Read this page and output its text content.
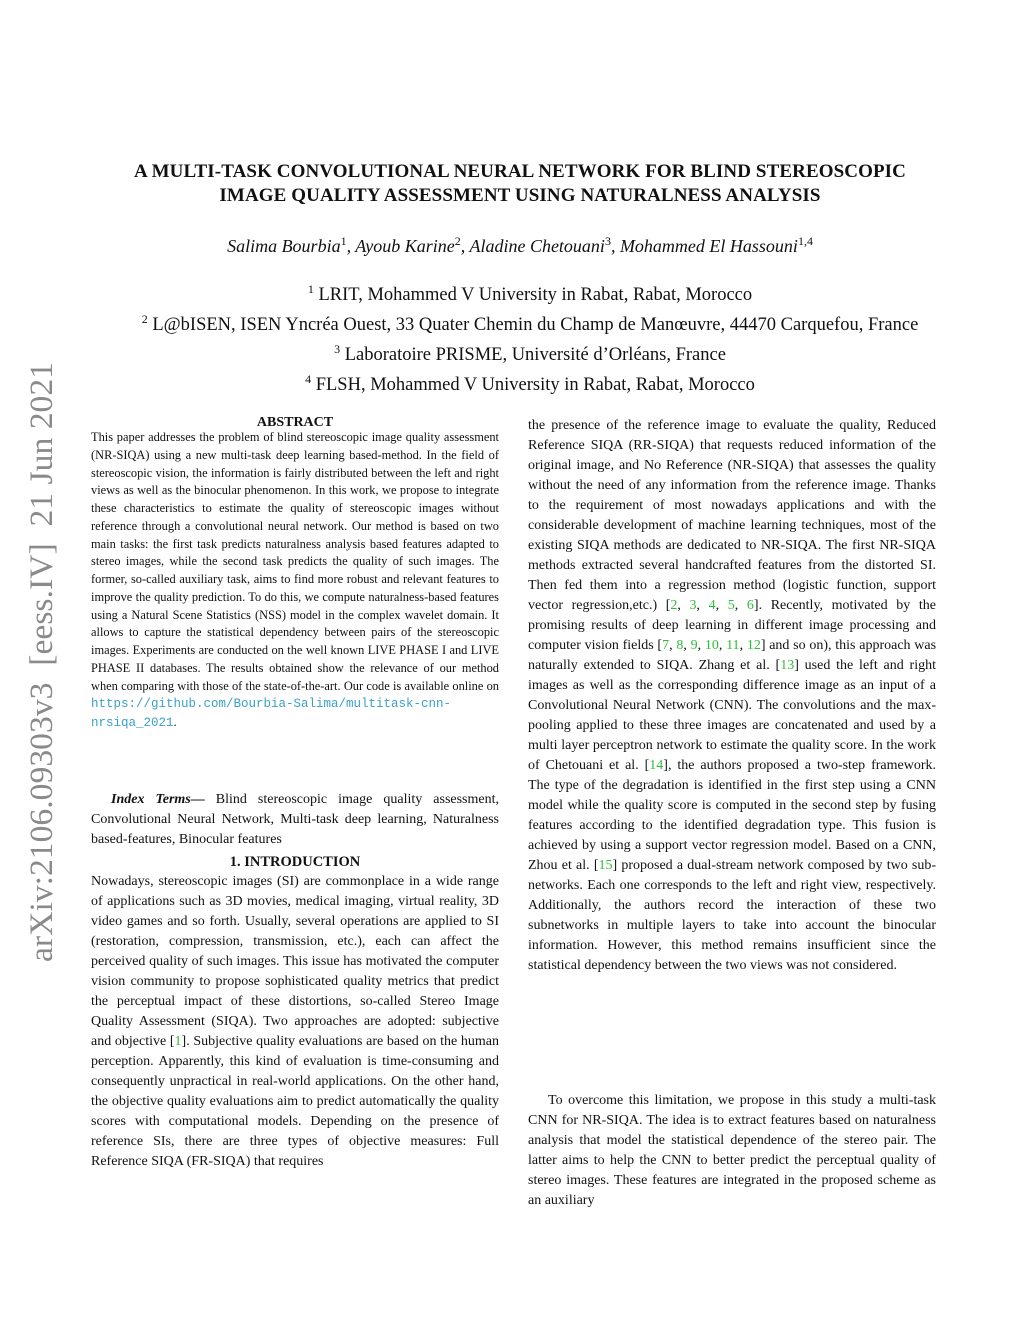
arXiv:2106.09303v3  [eess.IV]  21 Jun 2021
A MULTI-TASK CONVOLUTIONAL NEURAL NETWORK FOR BLIND STEREOSCOPIC
IMAGE QUALITY ASSESSMENT USING NATURALNESS ANALYSIS
Salima Bourbia$^1$, Ayoub Karine$^2$, Aladine Chetouani$^3$, Mohammed El Hassouni$^{1,4}$
$^1$ LRIT, Mohammed V University in Rabat, Rabat, Morocco
$^2$ L@bISEN, ISEN Yncréa Ouest, 33 Quater Chemin du Champ de Manœuvre, 44470 Carquefou, France
$^3$ Laboratoire PRISME, Université d’Orléans, France
$^4$ FLSH, Mohammed V University in Rabat, Rabat, Morocco
ABSTRACT
This paper addresses the problem of blind stereoscopic image quality assessment (NR-SIQA) using a new multi-task deep learning based-method. In the field of stereoscopic vision, the information is fairly distributed between the left and right views as well as the binocular phenomenon. In this work, we propose to integrate these characteristics to estimate the quality of stereoscopic images without reference through a convolutional neural network. Our method is based on two main tasks: the first task predicts naturalness analysis based features adapted to stereo images, while the second task predicts the quality of such images. The former, so-called auxiliary task, aims to find more robust and relevant features to improve the quality prediction. To do this, we compute naturalness-based features using a Natural Scene Statistics (NSS) model in the complex wavelet domain. It allows to capture the statistical dependency between pairs of the stereoscopic images. Experiments are conducted on the well known LIVE PHASE I and LIVE PHASE II databases. The results obtained show the relevance of our method when comparing with those of the state-of-the-art. Our code is available online on https://github.com/Bourbia-Salima/multitask-cnn-nrsiqa_2021.
Index Terms— Blind stereoscopic image quality assessment, Convolutional Neural Network, Multi-task deep learning, Naturalness based-features, Binocular features
1. INTRODUCTION
Nowadays, stereoscopic images (SI) are commonplace in a wide range of applications such as 3D movies, medical imaging, virtual reality, 3D video games and so forth. Usually, several operations are applied to SI (restoration, compression, transmission, etc.), each can affect the perceived quality of such images. This issue has motivated the computer vision community to propose sophisticated quality metrics that predict the perceptual impact of these distortions, so-called Stereo Image Quality Assessment (SIQA). Two approaches are adopted: subjective and objective [1]. Subjective quality evaluations are based on the human perception. Apparently, this kind of evaluation is time-consuming and consequently unpractical in real-world applications. On the other hand, the objective quality evaluations aim to predict automatically the quality scores with computational models. Depending on the presence of reference SIs, there are three types of objective measures: Full Reference SIQA (FR-SIQA) that requires
the presence of the reference image to evaluate the quality, Reduced Reference SIQA (RR-SIQA) that requests reduced information of the original image, and No Reference (NR-SIQA) that assesses the quality without the need of any information from the reference image. Thanks to the requirement of most nowadays applications and with the considerable development of machine learning techniques, most of the existing SIQA methods are dedicated to NR-SIQA. The first NR-SIQA methods extracted several handcrafted features from the distorted SI. Then fed them into a regression method (logistic function, support vector regression,etc.) [2, 3, 4, 5, 6]. Recently, motivated by the promising results of deep learning in different image processing and computer vision fields [7, 8, 9, 10, 11, 12] and so on), this approach was naturally extended to SIQA. Zhang et al. [13] used the left and right images as well as the corresponding difference image as an input of a Convolutional Neural Network (CNN). The convolutions and the max-pooling applied to these three images are concatenated and used by a multi layer perceptron network to estimate the quality score. In the work of Chetouani et al. [14], the authors proposed a two-step framework. The type of the degradation is identified in the first step using a CNN model while the quality score is computed in the second step by fusing features according to the identified degradation type. This fusion is achieved by using a support vector regression model. Based on a CNN, Zhou et al. [15] proposed a dual-stream network composed by two sub-networks. Each one corresponds to the left and right view, respectively. Additionally, the authors record the interaction of these two subnetworks in multiple layers to take into account the binocular information. However, this method remains insufficient since the statistical dependency between the two views was not considered.
To overcome this limitation, we propose in this study a multi-task CNN for NR-SIQA. The idea is to extract features based on naturalness analysis that model the statistical dependence of the stereo pair. The latter aims to help the CNN to better predict the perceptual quality of stereo images. These features are integrated in the proposed scheme as an auxiliary
